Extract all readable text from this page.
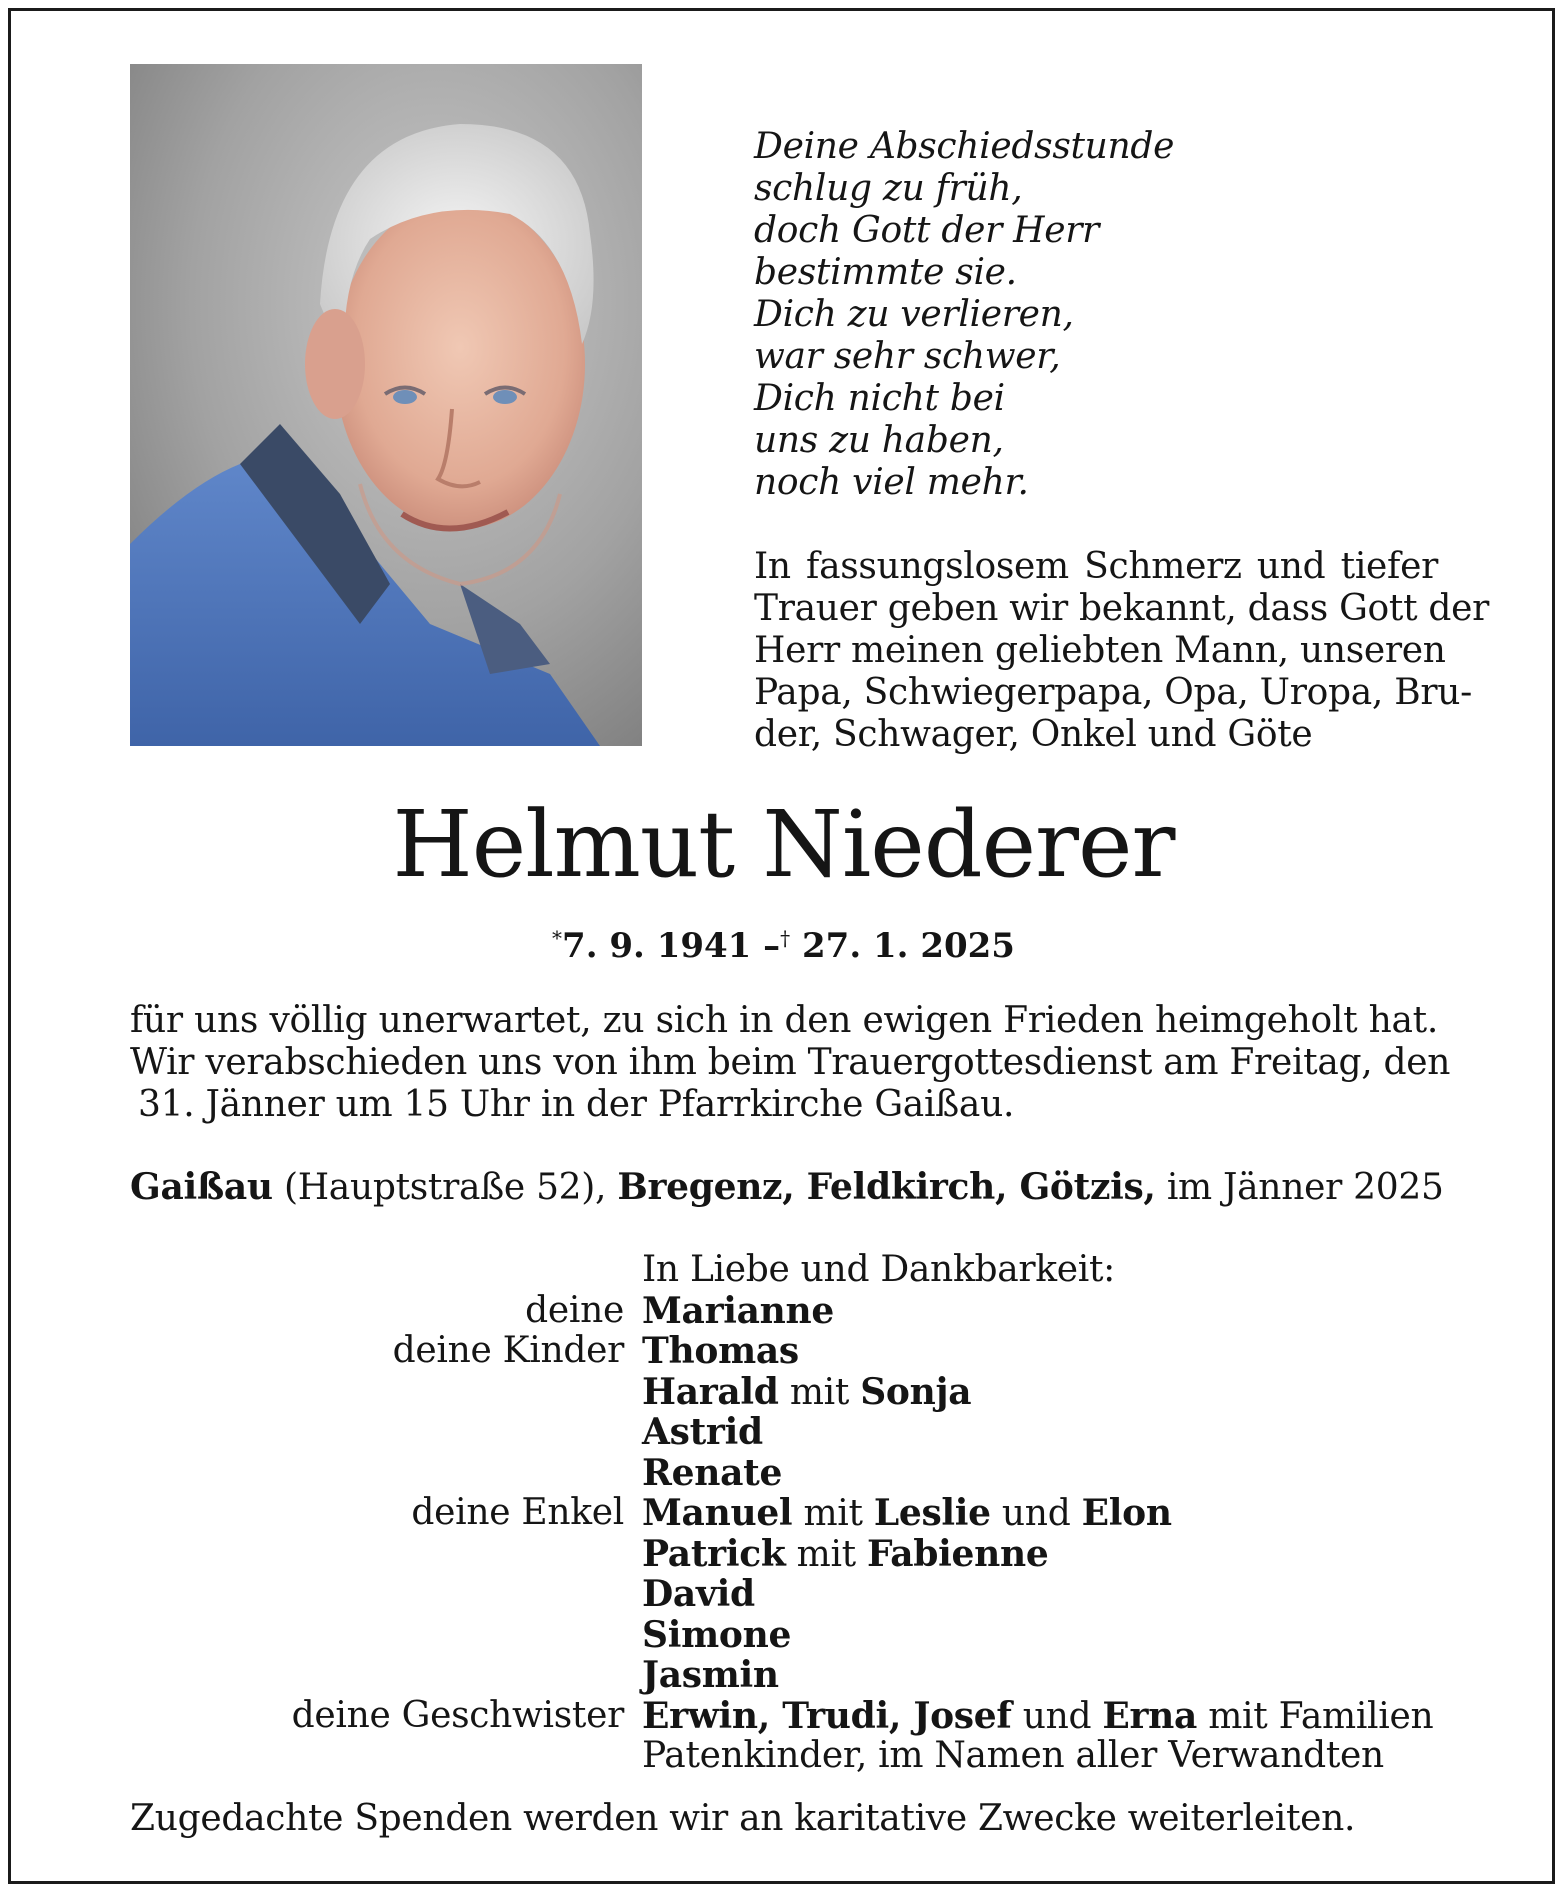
Deine Abschiedsstunde
schlug zu früh,
doch Gott der Herr
bestimmte sie.
Dich zu verlieren,
war sehr schwer,
Dich nicht bei
uns zu haben,
noch viel mehr.
In fassungslosem Schmerz und tiefer
Trauer geben wir bekannt, dass Gott der
Herr meinen geliebten Mann, unseren
Papa, Schwiegerpapa, Opa, Uropa, Bru-
der, Schwager, Onkel und Göte
Helmut Niederer
*7. 9. 1941 –† 27. 1. 2025
für uns völlig unerwartet, zu sich in den ewigen Frieden heimgeholt hat.
Wir verabschieden uns von ihm beim Trauergottesdienst am Freitag, den
31. Jänner um 15 Uhr in der Pfarrkirche Gaißau.
Gaißau (Hauptstraße 52), Bregenz, Feldkirch, Götzis, im Jänner 2025
In Liebe und Dankbarkeit:
deine Marianne
deine Kinder Thomas
Harald mit Sonja
Astrid
Renate
deine Enkel Manuel mit Leslie und Elon
Patrick mit Fabienne
David
Simone
Jasmin
deine Geschwister Erwin, Trudi, Josef und Erna mit Familien
Patenkinder, im Namen aller Verwandten
Zugedachte Spenden werden wir an karitative Zwecke weiterleiten.
